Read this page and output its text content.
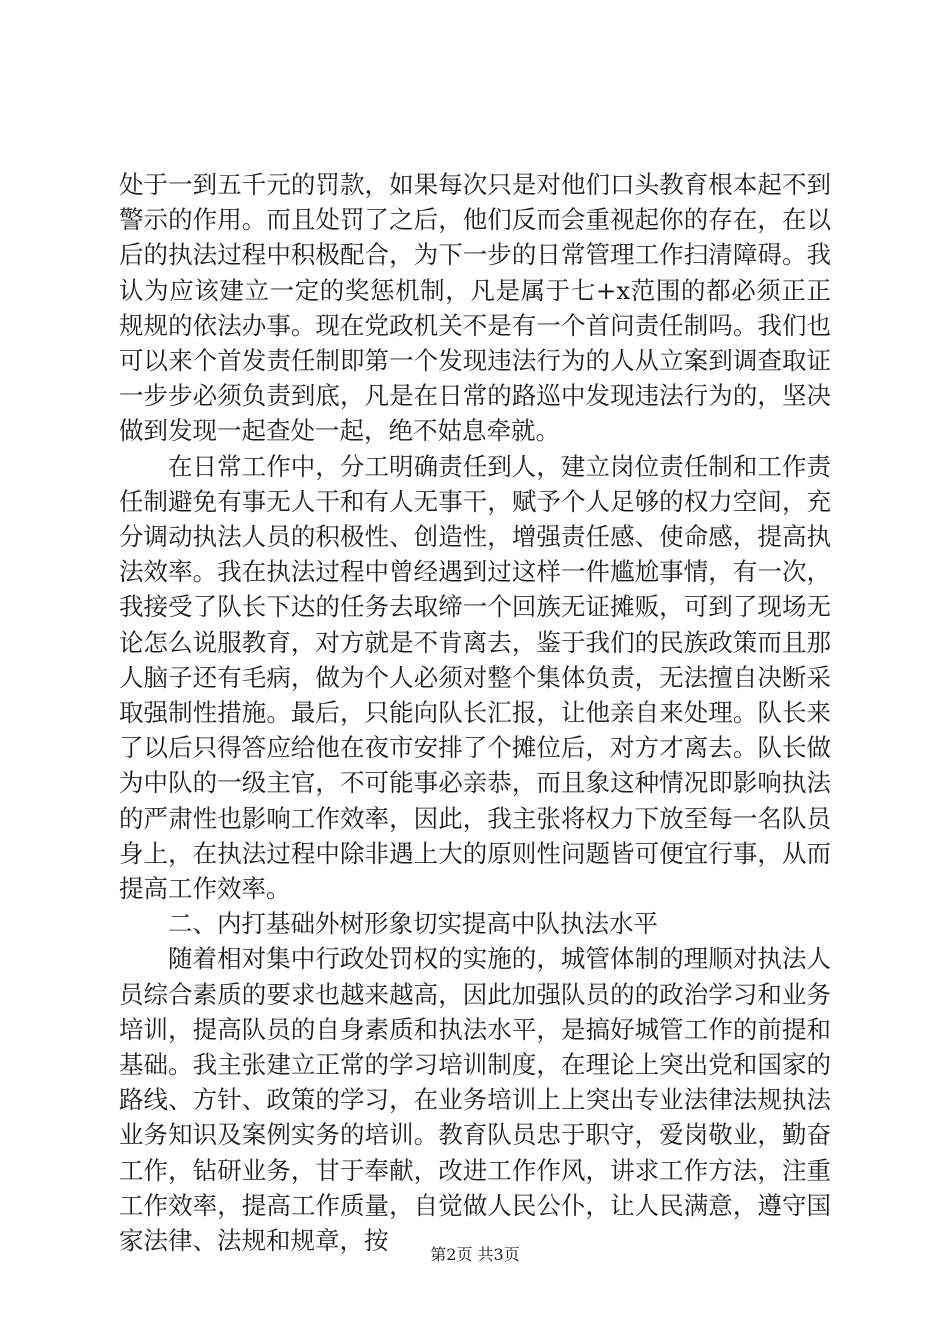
处于一到五千元的罚款，如果每次只是对他们口头教育根本起不到警示的作用。而且处罚了之后，他们反而会重视起你的存在，在以后的执法过程中积极配合，为下一步的日常管理工作扫清障碍。我认为应该建立一定的奖惩机制，凡是属于七+x范围的都必须正正规规的依法办事。现在党政机关不是有一个首问责任制吗。我们也可以来个首发责任制即第一个发现违法行为的人从立案到调查取证一步步必须负责到底，凡是在日常的路巡中发现违法行为的，坚决做到发现一起查处一起，绝不姑息牵就。

在日常工作中，分工明确责任到人，建立岗位责任制和工作责任制避免有事无人干和有人无事干，赋予个人足够的权力空间，充分调动执法人员的积极性、创造性，增强责任感、使命感，提高执法效率。我在执法过程中曾经遇到过这样一件尴尬事情，有一次，我接受了队长下达的任务去取缔一个回族无证摊贩，可到了现场无论怎么说服教育，对方就是不肯离去，鉴于我们的民族政策而且那人脑子还有毛病，做为个人必须对整个集体负责，无法擅自决断采取强制性措施。最后，只能向队长汇报，让他亲自来处理。队长来了以后只得答应给他在夜市安排了个摊位后，对方才离去。队长做为中队的一级主官，不可能事必亲恭，而且象这种情况即影响执法的严肃性也影响工作效率，因此，我主张将权力下放至每一名队员身上，在执法过程中除非遇上大的原则性问题皆可便宜行事，从而提高工作效率。

二、内打基础外树形象切实提高中队执法水平

随着相对集中行政处罚权的实施的，城管体制的理顺对执法人员综合素质的要求也越来越高，因此加强队员的的政治学习和业务培训，提高队员的自身素质和执法水平，是搞好城管工作的前提和基础。我主张建立正常的学习培训制度，在理论上突出党和国家的路线、方针、政策的学习，在业务培训上上突出专业法律法规执法业务知识及案例实务的培训。教育队员忠于职守，爱岗敬业，勤奋工作，钻研业务，甘于奉献，改进工作作风，讲求工作方法，注重工作效率，提高工作质量，自觉做人民公仆，让人民满意，遵守国家法律、法规和规章，按	第2页 共3页
